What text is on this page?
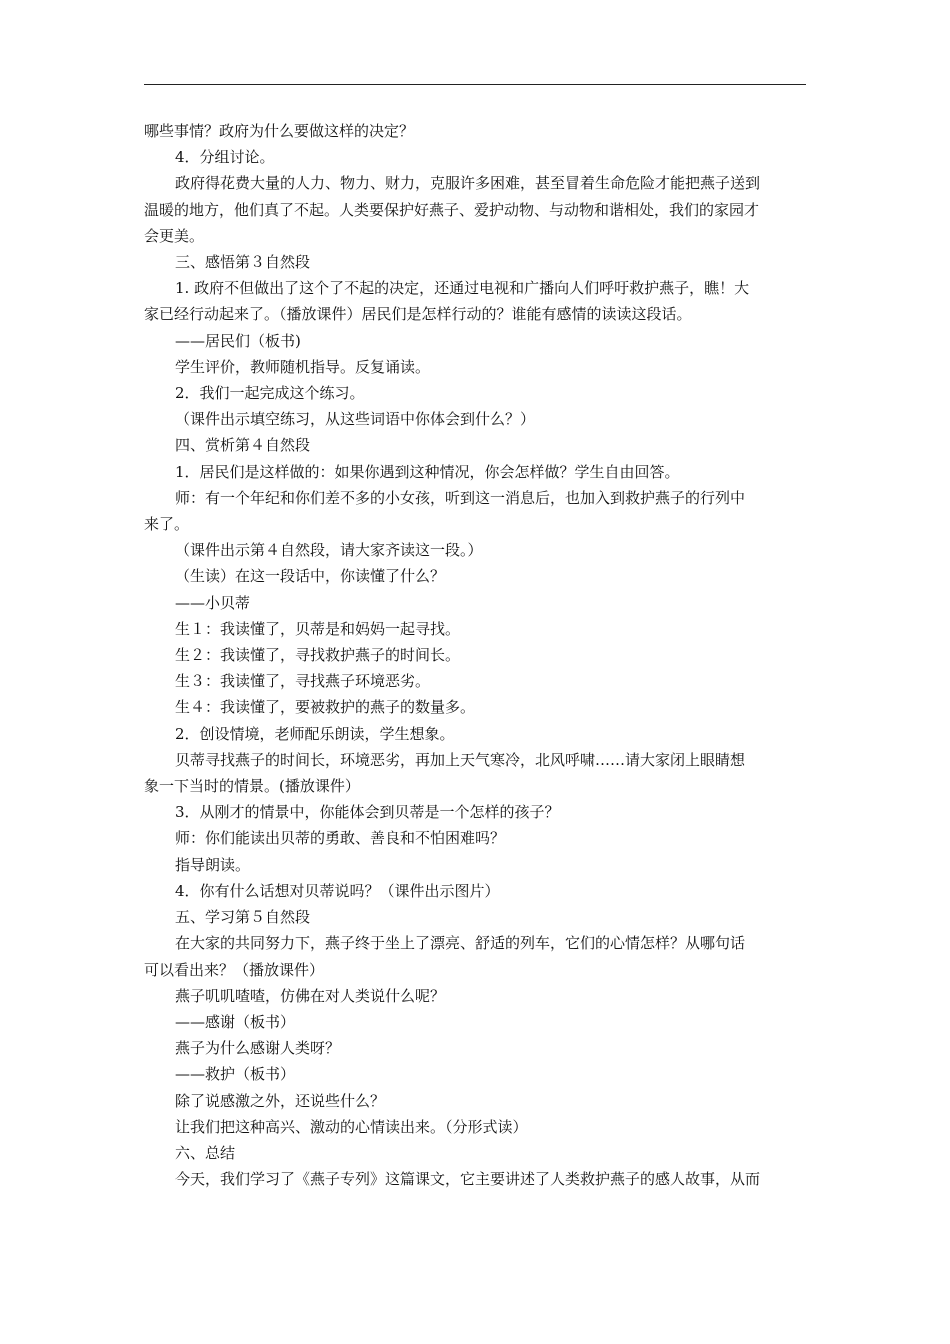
哪些事情？政府为什么要做这样的决定？
4．分组讨论。
政府得花费大量的人力、物力、财力，克服许多困难，甚至冒着生命危险才能把燕子送到
温暖的地方，他们真了不起。人类要保护好燕子、爱护动物、与动物和谐相处，我们的家园才
会更美。
三、感悟第３自然段
1. 政府不但做出了这个了不起的决定，还通过电视和广播向人们呼吁救护燕子，瞧！大
家已经行动起来了。（播放课件）居民们是怎样行动的？谁能有感情的读读这段话。
——居民们（板书)
学生评价，教师随机指导。反复诵读。
2．我们一起完成这个练习。
（课件出示填空练习，从这些词语中你体会到什么？）
四、赏析第４自然段
1．居民们是这样做的：如果你遇到这种情况，你会怎样做？学生自由回答。
师：有一个年纪和你们差不多的小女孩，听到这一消息后，也加入到救护燕子的行列中
来了。
（课件出示第４自然段，请大家齐读这一段。）
（生读）在这一段话中，你读懂了什么？
——小贝蒂
生１：我读懂了，贝蒂是和妈妈一起寻找。
生２：我读懂了，寻找救护燕子的时间长。
生３：我读懂了，寻找燕子环境恶劣。
生４：我读懂了，要被救护的燕子的数量多。
2．创设情境，老师配乐朗读，学生想象。
贝蒂寻找燕子的时间长，环境恶劣，再加上天气寒冷，北风呼啸……请大家闭上眼睛想
象一下当时的情景。(播放课件）
3．从刚才的情景中，你能体会到贝蒂是一个怎样的孩子？
师：你们能读出贝蒂的勇敢、善良和不怕困难吗？
指导朗读。
4．你有什么话想对贝蒂说吗？（课件出示图片）
五、学习第５自然段
在大家的共同努力下，燕子终于坐上了漂亮、舒适的列车，它们的心情怎样？从哪句话
可以看出来？（播放课件）
燕子叽叽喳喳，仿佛在对人类说什么呢？
——感谢（板书）
燕子为什么感谢人类呀？
——救护（板书）
除了说感激之外，还说些什么？
让我们把这种高兴、激动的心情读出来。（分形式读）
六、总结
今天，我们学习了《燕子专列》这篇课文，它主要讲述了人类救护燕子的感人故事，从而
